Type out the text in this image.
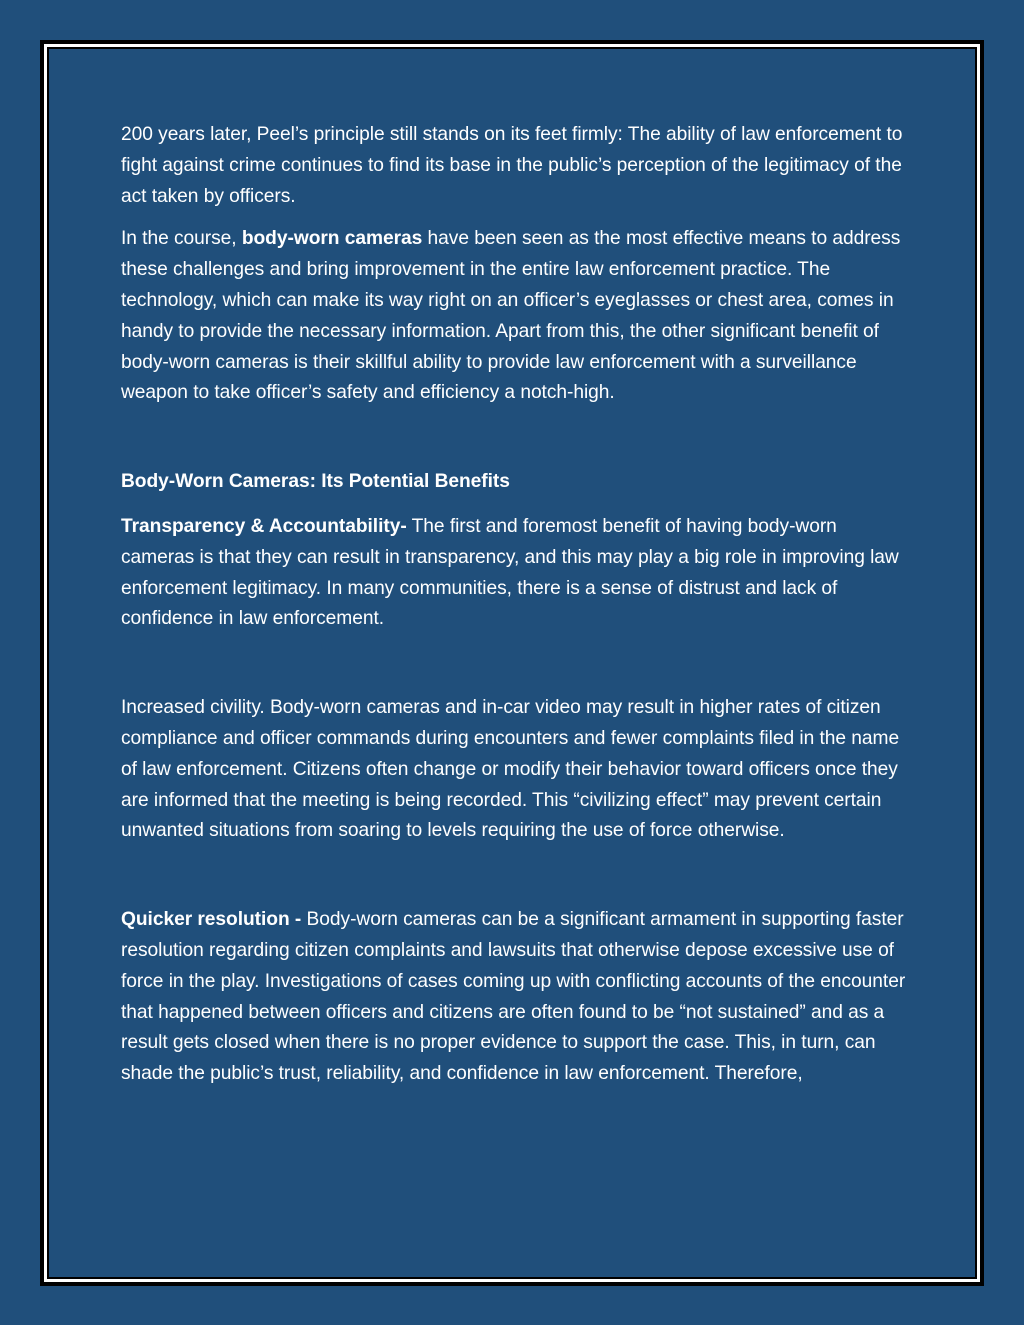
200 years later, Peel’s principle still stands on its feet firmly: The ability of law enforcement to fight against crime continues to find its base in the public’s perception of the legitimacy of the act taken by officers.

In the course, body-worn cameras have been seen as the most effective means to address these challenges and bring improvement in the entire law enforcement practice. The technology, which can make its way right on an officer’s eyeglasses or chest area, comes in handy to provide the necessary information. Apart from this, the other significant benefit of body-worn cameras is their skillful ability to provide law enforcement with a surveillance weapon to take officer’s safety and efficiency a notch-high.

Body-Worn Cameras: Its Potential Benefits

Transparency & Accountability- The first and foremost benefit of having body-worn cameras is that they can result in transparency, and this may play a big role in improving law enforcement legitimacy. In many communities, there is a sense of distrust and lack of confidence in law enforcement.

Increased civility. Body-worn cameras and in-car video may result in higher rates of citizen compliance and officer commands during encounters and fewer complaints filed in the name of law enforcement. Citizens often change or modify their behavior toward officers once they are informed that the meeting is being recorded. This “civilizing effect” may prevent certain unwanted situations from soaring to levels requiring the use of force otherwise.

Quicker resolution - Body-worn cameras can be a significant armament in supporting faster resolution regarding citizen complaints and lawsuits that otherwise depose excessive use of force in the play. Investigations of cases coming up with conflicting accounts of the encounter that happened between officers and citizens are often found to be “not sustained” and as a result gets closed when there is no proper evidence to support the case. This, in turn, can shade the public’s trust, reliability, and confidence in law enforcement. Therefore,
